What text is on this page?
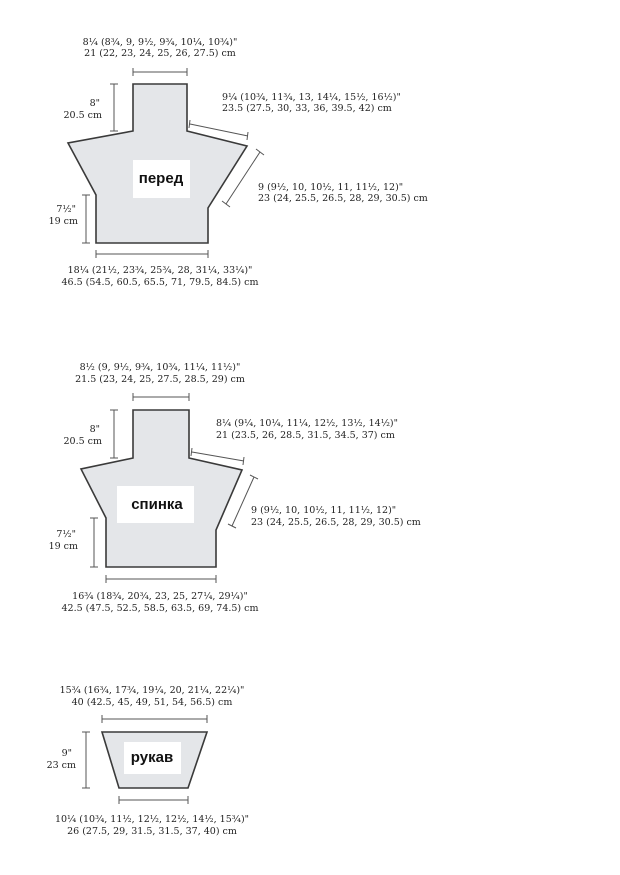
перед
8¼ (8¾, 9, 9½, 9¾, 10¼, 10¾)"
21 (22, 23, 24, 25, 26, 27.5) cm
8"
20.5 cm
9¼ (10¾, 11¾, 13, 14¼, 15½, 16½)"
23.5 (27.5, 30, 33, 36, 39.5, 42) cm
9 (9½, 10, 10½, 11, 11½, 12)"
23 (24, 25.5, 26.5, 28, 29, 30.5) cm
7½"
19 cm
18¼ (21½, 23¾, 25¾, 28, 31¼, 33¼)"
46.5 (54.5, 60.5, 65.5, 71, 79.5, 84.5) cm
спинка
8½ (9, 9½, 9¾, 10¾, 11¼, 11½)"
21.5 (23, 24, 25, 27.5, 28.5, 29) cm
8"
20.5 cm
8¼ (9¼, 10¼, 11¼, 12½, 13½, 14½)"
21 (23.5, 26, 28.5, 31.5, 34.5, 37) cm
9 (9½, 10, 10½, 11, 11½, 12)"
23 (24, 25.5, 26.5, 28, 29, 30.5) cm
7½"
19 cm
16¾ (18¾, 20¾, 23, 25, 27¼, 29¼)"
42.5 (47.5, 52.5, 58.5, 63.5, 69, 74.5) cm
рукав
15¾ (16¾, 17¾, 19¼, 20, 21¼, 22¼)"
40 (42.5, 45, 49, 51, 54, 56.5) cm
9"
23 cm
10¼ (10¾, 11½, 12½, 12½, 14½, 15¾)"
26 (27.5, 29, 31.5, 31.5, 37, 40) cm
